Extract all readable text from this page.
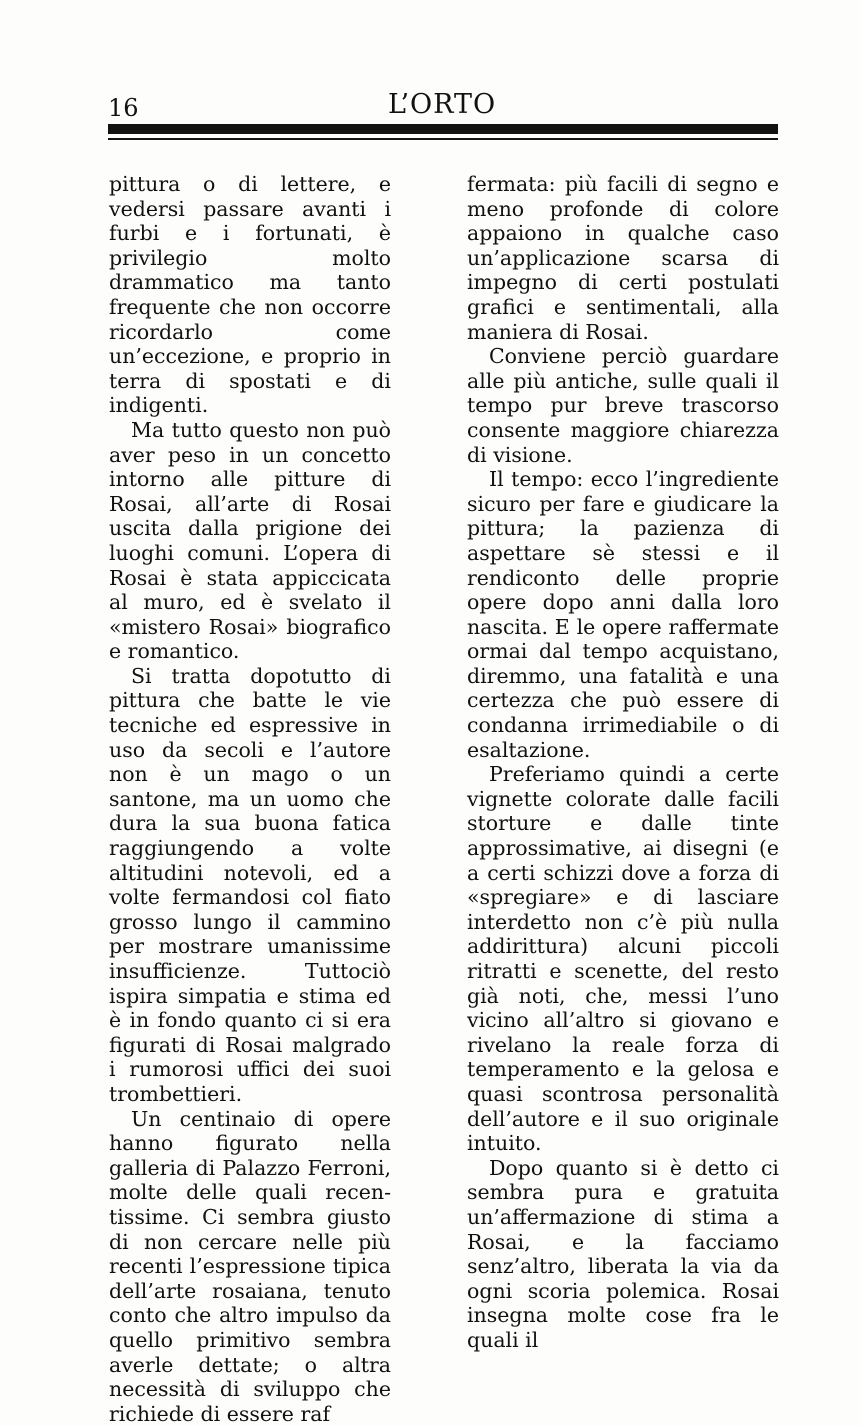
16	L’ORTO

pittura o di lettere, e vedersi passare avanti i furbi e i fortunati, è privilegio molto drammatico ma tanto frequente che non occorre ricordarlo come un’eccezione, e proprio in terra di spostati e di indigenti.

Ma tutto questo non può aver peso in un concetto intorno alle pitture di Rosai, all’arte di Rosai uscita dalla prigione dei luoghi comuni. L’opera di Rosai è stata appiccicata al muro, ed è svelato il «mistero Rosai» biografico e romantico.

Si tratta dopotutto di pittura che batte le vie tecniche ed espressive in uso da secoli e l’autore non è un mago o un santone, ma un uomo che dura la sua buona fatica raggiungendo a volte altitudini notevoli, ed a volte fermandosi col fiato grosso lungo il cammino per mostrare umanissime insufficienze. Tuttociò ispira simpatia e stima ed è in fondo quanto ci si era figurati di Rosai malgrado i rumorosi uffici dei suoi trombettieri.

Un centinaio di opere hanno figurato nella galleria di Palazzo Ferroni, molte delle quali recentissime. Ci sembra giusto di non cercare nelle più recenti l’espressione tipica dell’arte rosaiana, tenuto conto che altro impulso da quello primitivo sembra averle dettate; o altra necessità di sviluppo che richiede di essere raf

fermata: più facili di segno e meno profonde di colore appaiono in qualche caso un’applicazione scarsa di impegno di certi postulati grafici e sentimentali, alla maniera di Rosai.

Conviene perciò guardare alle più antiche, sulle quali il tempo pur breve trascorso consente maggiore chiarezza di visione.

Il tempo: ecco l’ingrediente sicuro per fare e giudicare la pittura; la pazienza di aspettare sè stessi e il rendiconto delle proprie opere dopo anni dalla loro nascita. E le opere raffermate ormai dal tempo acquistano, diremmo, una fatalità e una certezza che può essere di condanna irrimediabile o di esaltazione.

Preferiamo quindi a certe vignette colorate dalle facili storture e dalle tinte approssimative, ai disegni (e a certi schizzi dove a forza di «spregiare» e di lasciare interdetto non c’è più nulla addirittura) alcuni piccoli ritratti e scenette, del resto già noti, che, messi l’uno vicino all’altro si giovano e rivelano la reale forza di temperamento e la gelosa e quasi scontrosa personalità dell’autore e il suo originale intuito.

Dopo quanto si è detto ci sembra pura e gratuita un’affermazione di stima a Rosai, e la facciamo senz’altro, liberata la via da ogni scoria polemica. Rosai insegna molte cose fra le quali il
